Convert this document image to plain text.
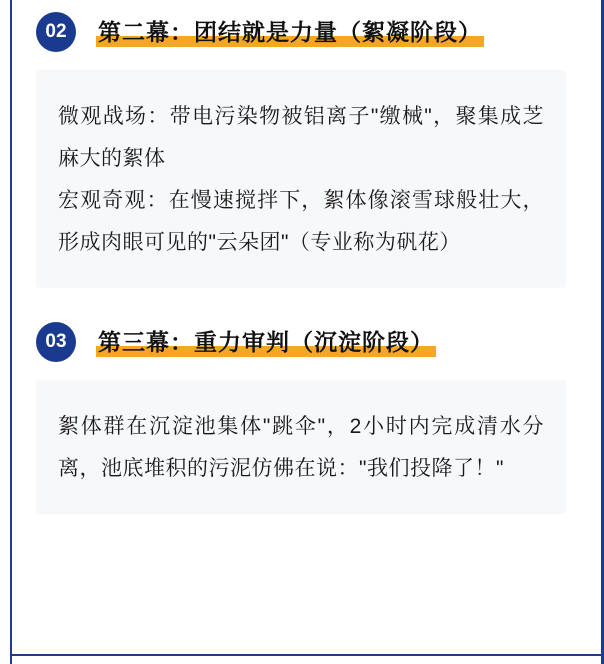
02	第二幕：团结就是力量（絮凝阶段）

微观战场：带电污染物被铝离子"缴械"，聚集成芝麻大的絮体

宏观奇观：在慢速搅拌下，絮体像滚雪球般壮大，形成肉眼可见的"云朵团"（专业称为矾花）

03	第三幕：重力审判（沉淀阶段）

絮体群在沉淀池集体"跳伞"，2小时内完成清水分离，池底堆积的污泥仿佛在说："我们投降了！"
